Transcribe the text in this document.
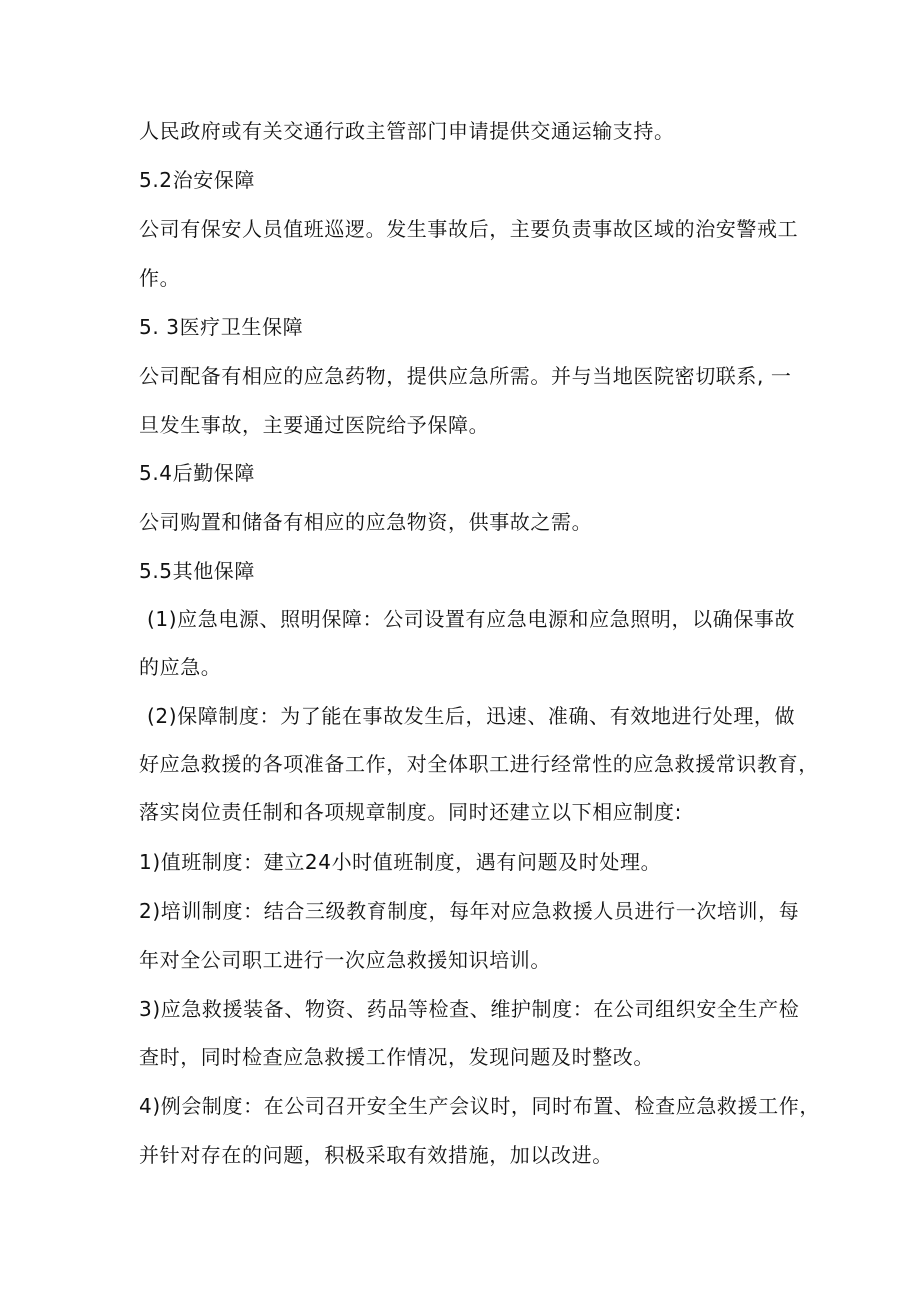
人民政府或有关交通行政主管部门申请提供交通运输支持。
5.2治安保障
公司有保安人员值班巡逻。发生事故后，主要负责事故区域的治安警戒工
作。
5. 3医疗卫生保障
公司配备有相应的应急药物，提供应急所需。并与当地医院密切联系, 一
旦发生事故，主要通过医院给予保障。
5.4后勤保障
公司购置和储备有相应的应急物资，供事故之需。
5.5其他保障
(1)应急电源、照明保障：公司设置有应急电源和应急照明，以确保事故
的应急。
(2)保障制度：为了能在事故发生后，迅速、准确、有效地进行处理，做
好应急救援的各项准备工作，对全体职工进行经常性的应急救援常识教育，
落实岗位责任制和各项规章制度。同时还建立以下相应制度:
1)值班制度：建立24小时值班制度，遇有问题及时处理。
2)培训制度：结合三级教育制度，每年对应急救援人员进行一次培训，每
年对全公司职工进行一次应急救援知识培训。
3)应急救援装备、物资、药品等检查、维护制度：在公司组织安全生产检
查时，同时检查应急救援工作情况，发现问题及时整改。
4)例会制度：在公司召开安全生产会议时，同时布置、检查应急救援工作，
并针对存在的问题，积极采取有效措施，加以改进。
